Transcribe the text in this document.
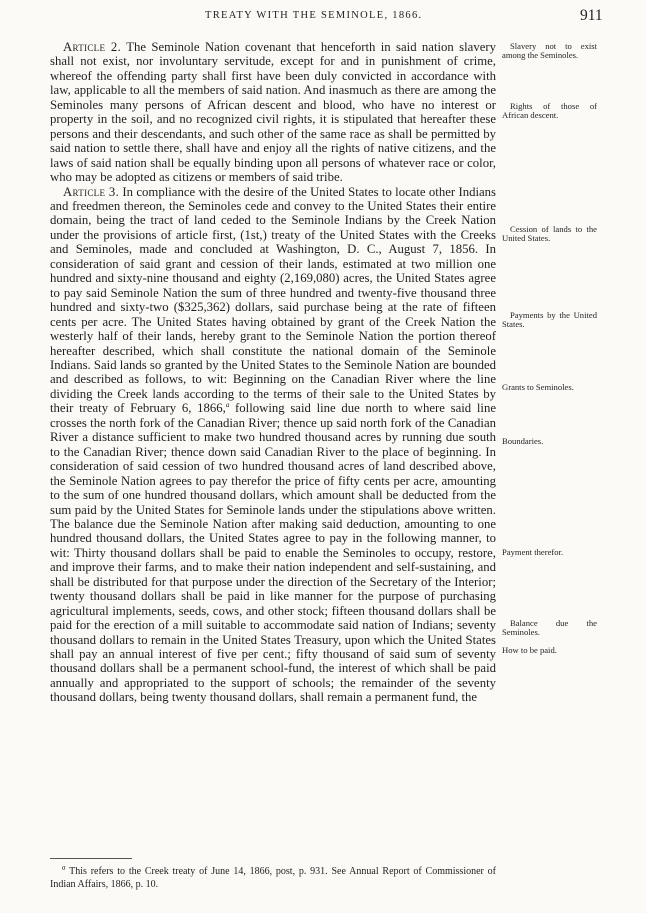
TREATY WITH THE SEMINOLE, 1866.	911

Article 2. The Seminole Nation covenant that henceforth in said nation slavery shall not exist, nor involuntary servitude, except for and in punishment of crime, whereof the offending party shall first have been duly convicted in accordance with law, applicable to all the members of said nation. And inasmuch as there are among the Seminoles many persons of African descent and blood, who have no interest or property in the soil, and no recognized civil rights, it is stipulated that hereafter these persons and their descendants, and such other of the same race as shall be permitted by said nation to settle there, shall have and enjoy all the rights of native citizens, and the laws of said nation shall be equally binding upon all persons of whatever race or color, who may be adopted as citizens or members of said tribe.

Article 3. In compliance with the desire of the United States to locate other Indians and freedmen thereon, the Seminoles cede and convey to the United States their entire domain, being the tract of land ceded to the Seminole Indians by the Creek Nation under the provisions of article first, (1st,) treaty of the United States with the Creeks and Seminoles, made and concluded at Washington, D. C., August 7, 1856. In consideration of said grant and cession of their lands, estimated at two million one hundred and sixty-nine thousand and eighty (2,169,080) acres, the United States agree to pay said Seminole Nation the sum of three hundred and twenty-five thousand three hundred and sixty-two ($325,362) dollars, said purchase being at the rate of fifteen cents per acre. The United States having obtained by grant of the Creek Nation the westerly half of their lands, hereby grant to the Seminole Nation the portion thereof hereafter described, which shall constitute the national domain of the Seminole Indians. Said lands so granted by the United States to the Seminole Nation are bounded and described as follows, to wit: Beginning on the Canadian River where the line dividing the Creek lands according to the terms of their sale to the United States by their treaty of February 6, 1866,$^a$ following said line due north to where said line crosses the north fork of the Canadian River; thence up said north fork of the Canadian River a distance sufficient to make two hundred thousand acres by running due south to the Canadian River; thence down said Canadian River to the place of beginning. In consideration of said cession of two hundred thousand acres of land described above, the Seminole Nation agrees to pay therefor the price of fifty cents per acre, amounting to the sum of one hundred thousand dollars, which amount shall be deducted from the sum paid by the United States for Seminole lands under the stipulations above written. The balance due the Seminole Nation after making said deduction, amounting to one hundred thousand dollars, the United States agree to pay in the following manner, to wit: Thirty thousand dollars shall be paid to enable the Seminoles to occupy, restore, and improve their farms, and to make their nation independent and self-sustaining, and shall be distributed for that purpose under the direction of the Secretary of the Interior; twenty thousand dollars shall be paid in like manner for the purpose of purchasing agricultural implements, seeds, cows, and other stock; fifteen thousand dollars shall be paid for the erection of a mill suitable to accommodate said nation of Indians; seventy thousand dollars to remain in the United States Treasury, upon which the United States shall pay an annual interest of five per cent.; fifty thousand of said sum of seventy thousand dollars shall be a permanent school-fund, the interest of which shall be paid annually and appropriated to the support of schools; the remainder of the seventy thousand dollars, being twenty thousand dollars, shall remain a permanent fund, the

Slavery not to exist among the Seminoles.
Rights of those of African descent.
Cession of lands to the United States.
Payments by the United States.
Grants to Seminoles.
Boundaries.
Payment therefor.
Balance due the Seminoles.
How to be paid.
$^a$ This refers to the Creek treaty of June 14, 1866, post, p. 931. See Annual Report of Commissioner of Indian Affairs, 1866, p. 10.
